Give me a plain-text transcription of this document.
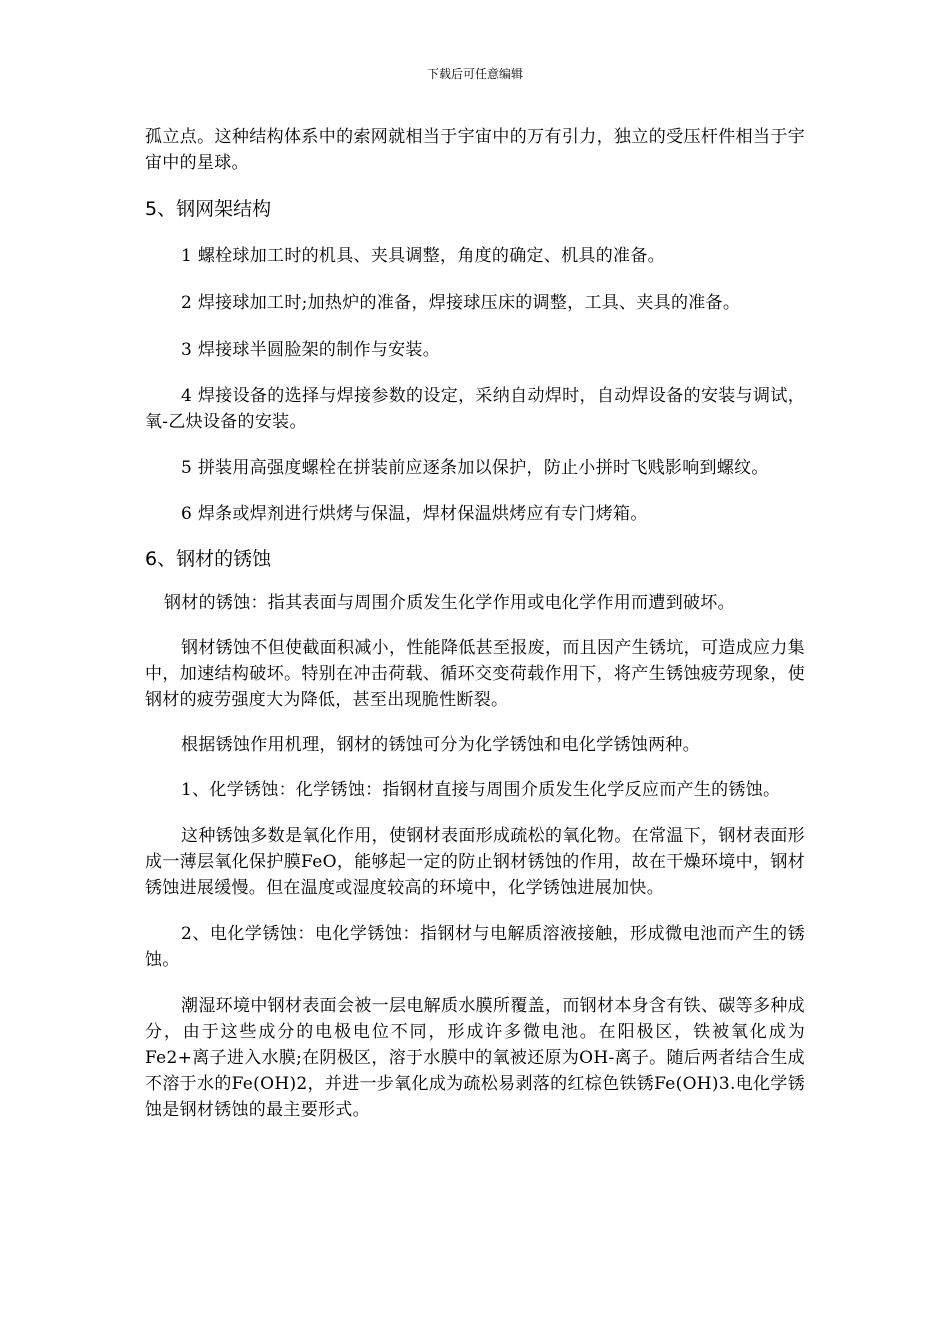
下载后可任意编辑

孤立点。这种结构体系中的索网就相当于宇宙中的万有引力，独立的受压杆件相当于宇宙中的星球。

5、钢网架结构

1 螺栓球加工时的机具、夹具调整，角度的确定、机具的准备。

2 焊接球加工时;加热炉的准备，焊接球压床的调整，工具、夹具的准备。

3 焊接球半圆脸架的制作与安装。

4 焊接设备的选择与焊接参数的设定，采纳自动焊时，自动焊设备的安装与调试，氧-乙炔设备的安装。

5 拼装用高强度螺栓在拼装前应逐条加以保护，防止小拼时飞贱影响到螺纹。

6 焊条或焊剂进行烘烤与保温，焊材保温烘烤应有专门烤箱。

6、钢材的锈蚀

钢材的锈蚀：指其表面与周围介质发生化学作用或电化学作用而遭到破坏。

钢材锈蚀不但使截面积减小，性能降低甚至报废，而且因产生锈坑，可造成应力集中，加速结构破坏。特别在冲击荷载、循环交变荷载作用下，将产生锈蚀疲劳现象，使钢材的疲劳强度大为降低，甚至出现脆性断裂。

根据锈蚀作用机理，钢材的锈蚀可分为化学锈蚀和电化学锈蚀两种。

1、化学锈蚀：化学锈蚀：指钢材直接与周围介质发生化学反应而产生的锈蚀。

这种锈蚀多数是氧化作用，使钢材表面形成疏松的氧化物。在常温下，钢材表面形成一薄层氧化保护膜FeO，能够起一定的防止钢材锈蚀的作用，故在干燥环境中，钢材锈蚀进展缓慢。但在温度或湿度较高的环境中，化学锈蚀进展加快。

2、电化学锈蚀：电化学锈蚀：指钢材与电解质溶液接触，形成微电池而产生的锈蚀。

潮湿环境中钢材表面会被一层电解质水膜所覆盖，而钢材本身含有铁、碳等多种成分，由于这些成分的电极电位不同，形成许多微电池。在阳极区，铁被氧化成为Fe2+离子进入水膜;在阴极区，溶于水膜中的氧被还原为OH-离子。随后两者结合生成不溶于水的Fe(OH)2，并进一步氧化成为疏松易剥落的红棕色铁锈Fe(OH)3.电化学锈蚀是钢材锈蚀的最主要形式。
